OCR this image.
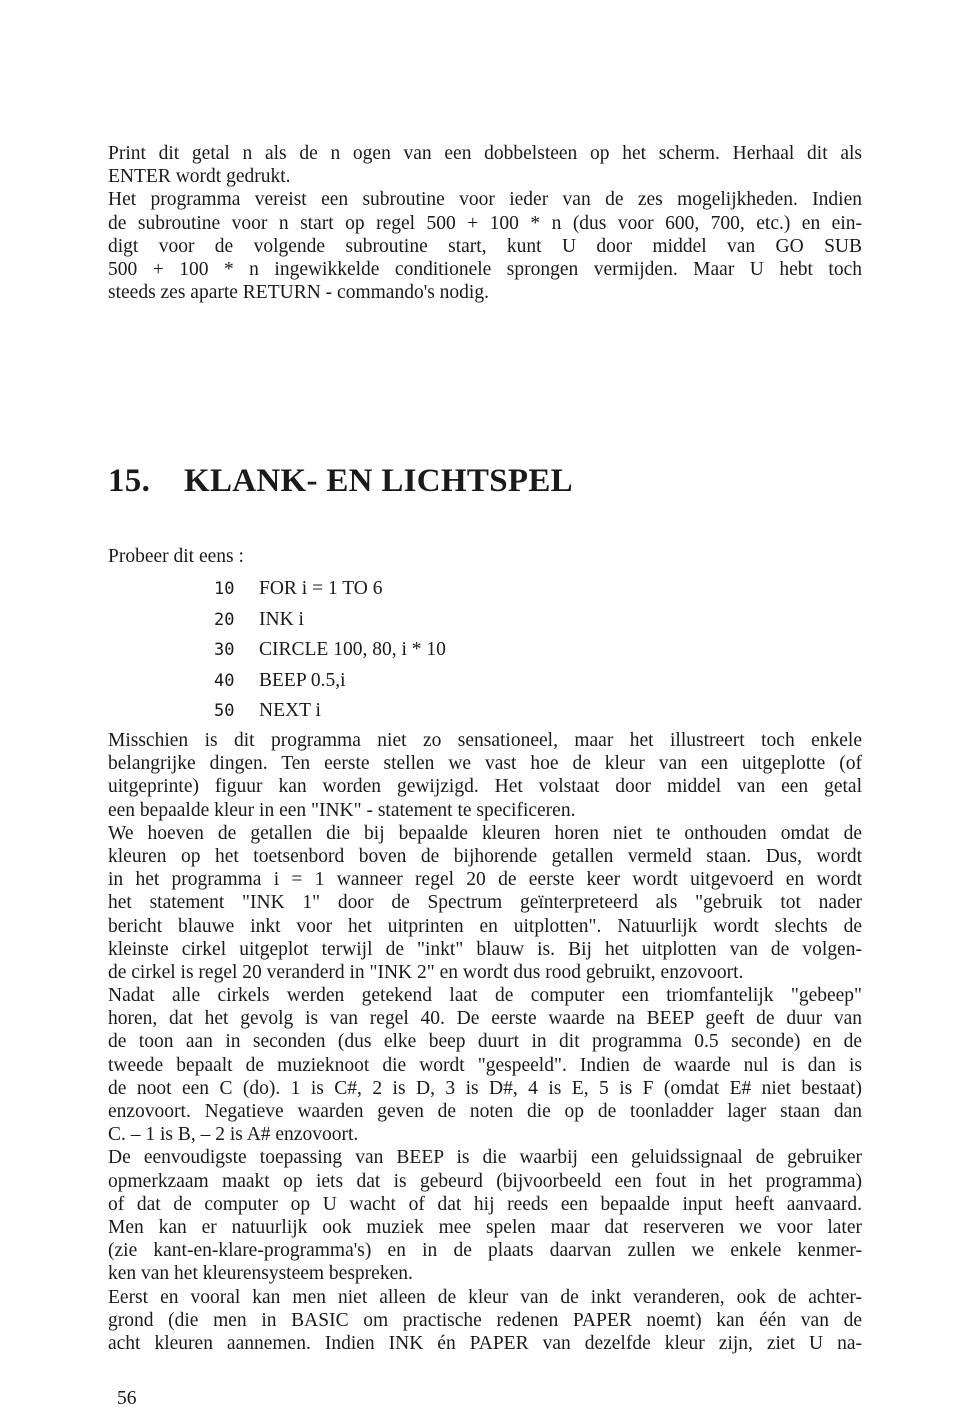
Print dit getal n als de n ogen van een dobbelsteen op het scherm. Herhaal dit als
ENTER wordt gedrukt.
Het programma vereist een subroutine voor ieder van de zes mogelijkheden. Indien
de subroutine voor n start op regel 500 + 100 * n (dus voor 600, 700, etc.) en ein-
digt voor de volgende subroutine start, kunt U door middel van GO SUB
500 + 100 * n ingewikkelde conditionele sprongen vermijden. Maar U hebt toch
steeds zes aparte RETURN - commando's nodig.
15. KLANK- EN LICHTSPEL

Probeer dit eens :

10 FOR i = 1 TO 6
20 INK i
30 CIRCLE 100, 80, i * 10
40 BEEP 0.5,i
50 NEXT i
Misschien is dit programma niet zo sensationeel, maar het illustreert toch enkele
belangrijke dingen. Ten eerste stellen we vast hoe de kleur van een uitgeplotte (of
uitgeprinte) figuur kan worden gewijzigd. Het volstaat door middel van een getal
een bepaalde kleur in een "INK" - statement te specificeren.
We hoeven de getallen die bij bepaalde kleuren horen niet te onthouden omdat de
kleuren op het toetsenbord boven de bijhorende getallen vermeld staan. Dus, wordt
in het programma i = 1 wanneer regel 20 de eerste keer wordt uitgevoerd en wordt
het statement "INK 1" door de Spectrum geïnterpreteerd als "gebruik tot nader
bericht blauwe inkt voor het uitprinten en uitplotten". Natuurlijk wordt slechts de
kleinste cirkel uitgeplot terwijl de "inkt" blauw is. Bij het uitplotten van de volgen-
de cirkel is regel 20 veranderd in "INK 2" en wordt dus rood gebruikt, enzovoort.
Nadat alle cirkels werden getekend laat de computer een triomfantelijk "gebeep"
horen, dat het gevolg is van regel 40. De eerste waarde na BEEP geeft de duur van
de toon aan in seconden (dus elke beep duurt in dit programma 0.5 seconde) en de
tweede bepaalt de muzieknoot die wordt "gespeeld". Indien de waarde nul is dan is
de noot een C (do). 1 is C#, 2 is D, 3 is D#, 4 is E, 5 is F (omdat E# niet bestaat)
enzovoort. Negatieve waarden geven de noten die op de toonladder lager staan dan
C. – 1 is B, – 2 is A# enzovoort.
De eenvoudigste toepassing van BEEP is die waarbij een geluidssignaal de gebruiker
opmerkzaam maakt op iets dat is gebeurd (bijvoorbeeld een fout in het programma)
of dat de computer op U wacht of dat hij reeds een bepaalde input heeft aanvaard.
Men kan er natuurlijk ook muziek mee spelen maar dat reserveren we voor later
(zie kant-en-klare-programma's) en in de plaats daarvan zullen we enkele kenmer-
ken van het kleurensysteem bespreken.
Eerst en vooral kan men niet alleen de kleur van de inkt veranderen, ook de achter-
grond (die men in BASIC om practische redenen PAPER noemt) kan één van de
acht kleuren aannemen. Indien INK én PAPER van dezelfde kleur zijn, ziet U na-

56
